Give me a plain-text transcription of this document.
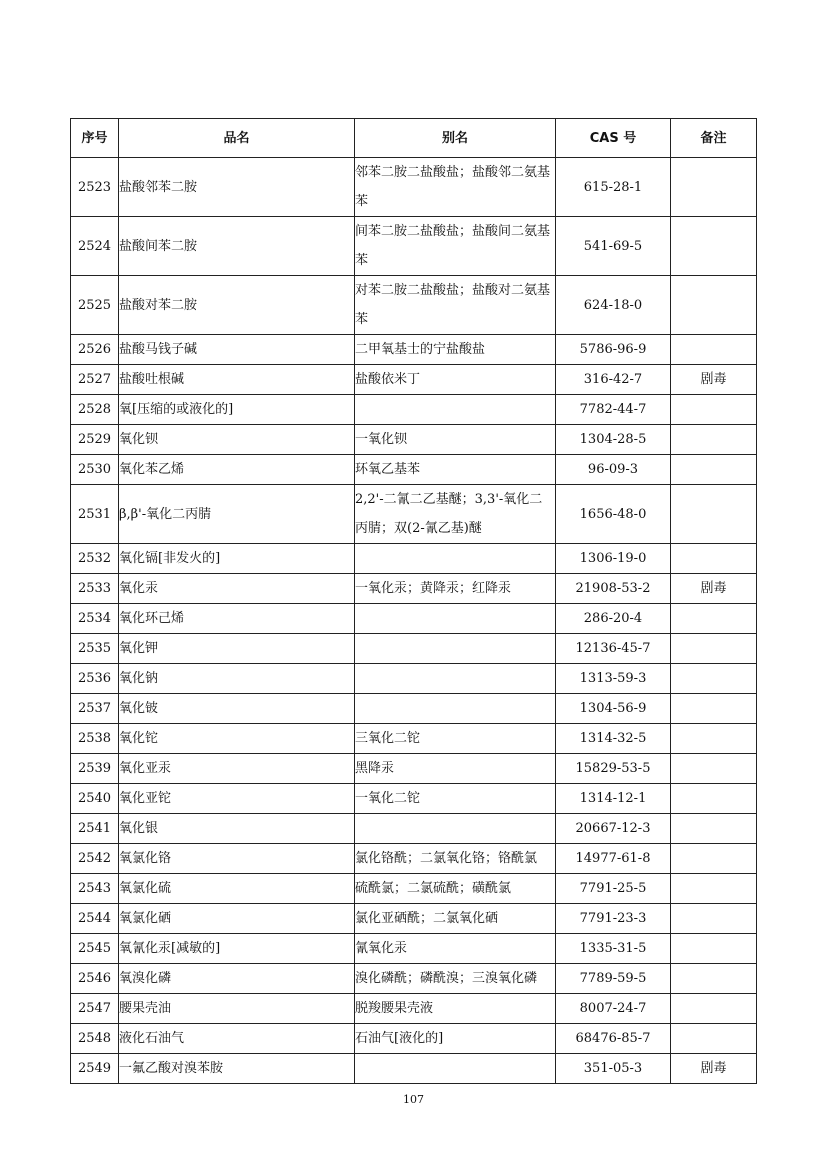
序号	品名	别名	CAS 号	备注
2523	盐酸邻苯二胺	邻苯二胺二盐酸盐；盐酸邻二氨基苯	615-28-1	
2524	盐酸间苯二胺	间苯二胺二盐酸盐；盐酸间二氨基苯	541-69-5	
2525	盐酸对苯二胺	对苯二胺二盐酸盐；盐酸对二氨基苯	624-18-0	
2526	盐酸马钱子碱	二甲氧基士的宁盐酸盐	5786-96-9	
2527	盐酸吐根碱	盐酸依米丁	316-42-7	剧毒
2528	氧[压缩的或液化的]		7782-44-7	
2529	氧化钡	一氧化钡	1304-28-5	
2530	氧化苯乙烯	环氧乙基苯	96-09-3	
2531	β,β'-氧化二丙腈	2,2'-二氰二乙基醚；3,3'-氧化二丙腈；双(2-氰乙基)醚	1656-48-0	
2532	氧化镉[非发火的]		1306-19-0	
2533	氧化汞	一氧化汞；黄降汞；红降汞	21908-53-2	剧毒
2534	氧化环己烯		286-20-4	
2535	氧化钾		12136-45-7	
2536	氧化钠		1313-59-3	
2537	氧化铍		1304-56-9	
2538	氧化铊	三氧化二铊	1314-32-5	
2539	氧化亚汞	黑降汞	15829-53-5	
2540	氧化亚铊	一氧化二铊	1314-12-1	
2541	氧化银		20667-12-3	
2542	氧氯化铬	氯化铬酰；二氯氧化铬；铬酰氯	14977-61-8	
2543	氧氯化硫	硫酰氯；二氯硫酰；磺酰氯	7791-25-5	
2544	氧氯化硒	氯化亚硒酰；二氯氧化硒	7791-23-3	
2545	氧氰化汞[减敏的]	氰氧化汞	1335-31-5	
2546	氧溴化磷	溴化磷酰；磷酰溴；三溴氧化磷	7789-59-5	
2547	腰果壳油	脱羧腰果壳液	8007-24-7	
2548	液化石油气	石油气[液化的]	68476-85-7	
2549	一氟乙酸对溴苯胺		351-05-3	剧毒
107
